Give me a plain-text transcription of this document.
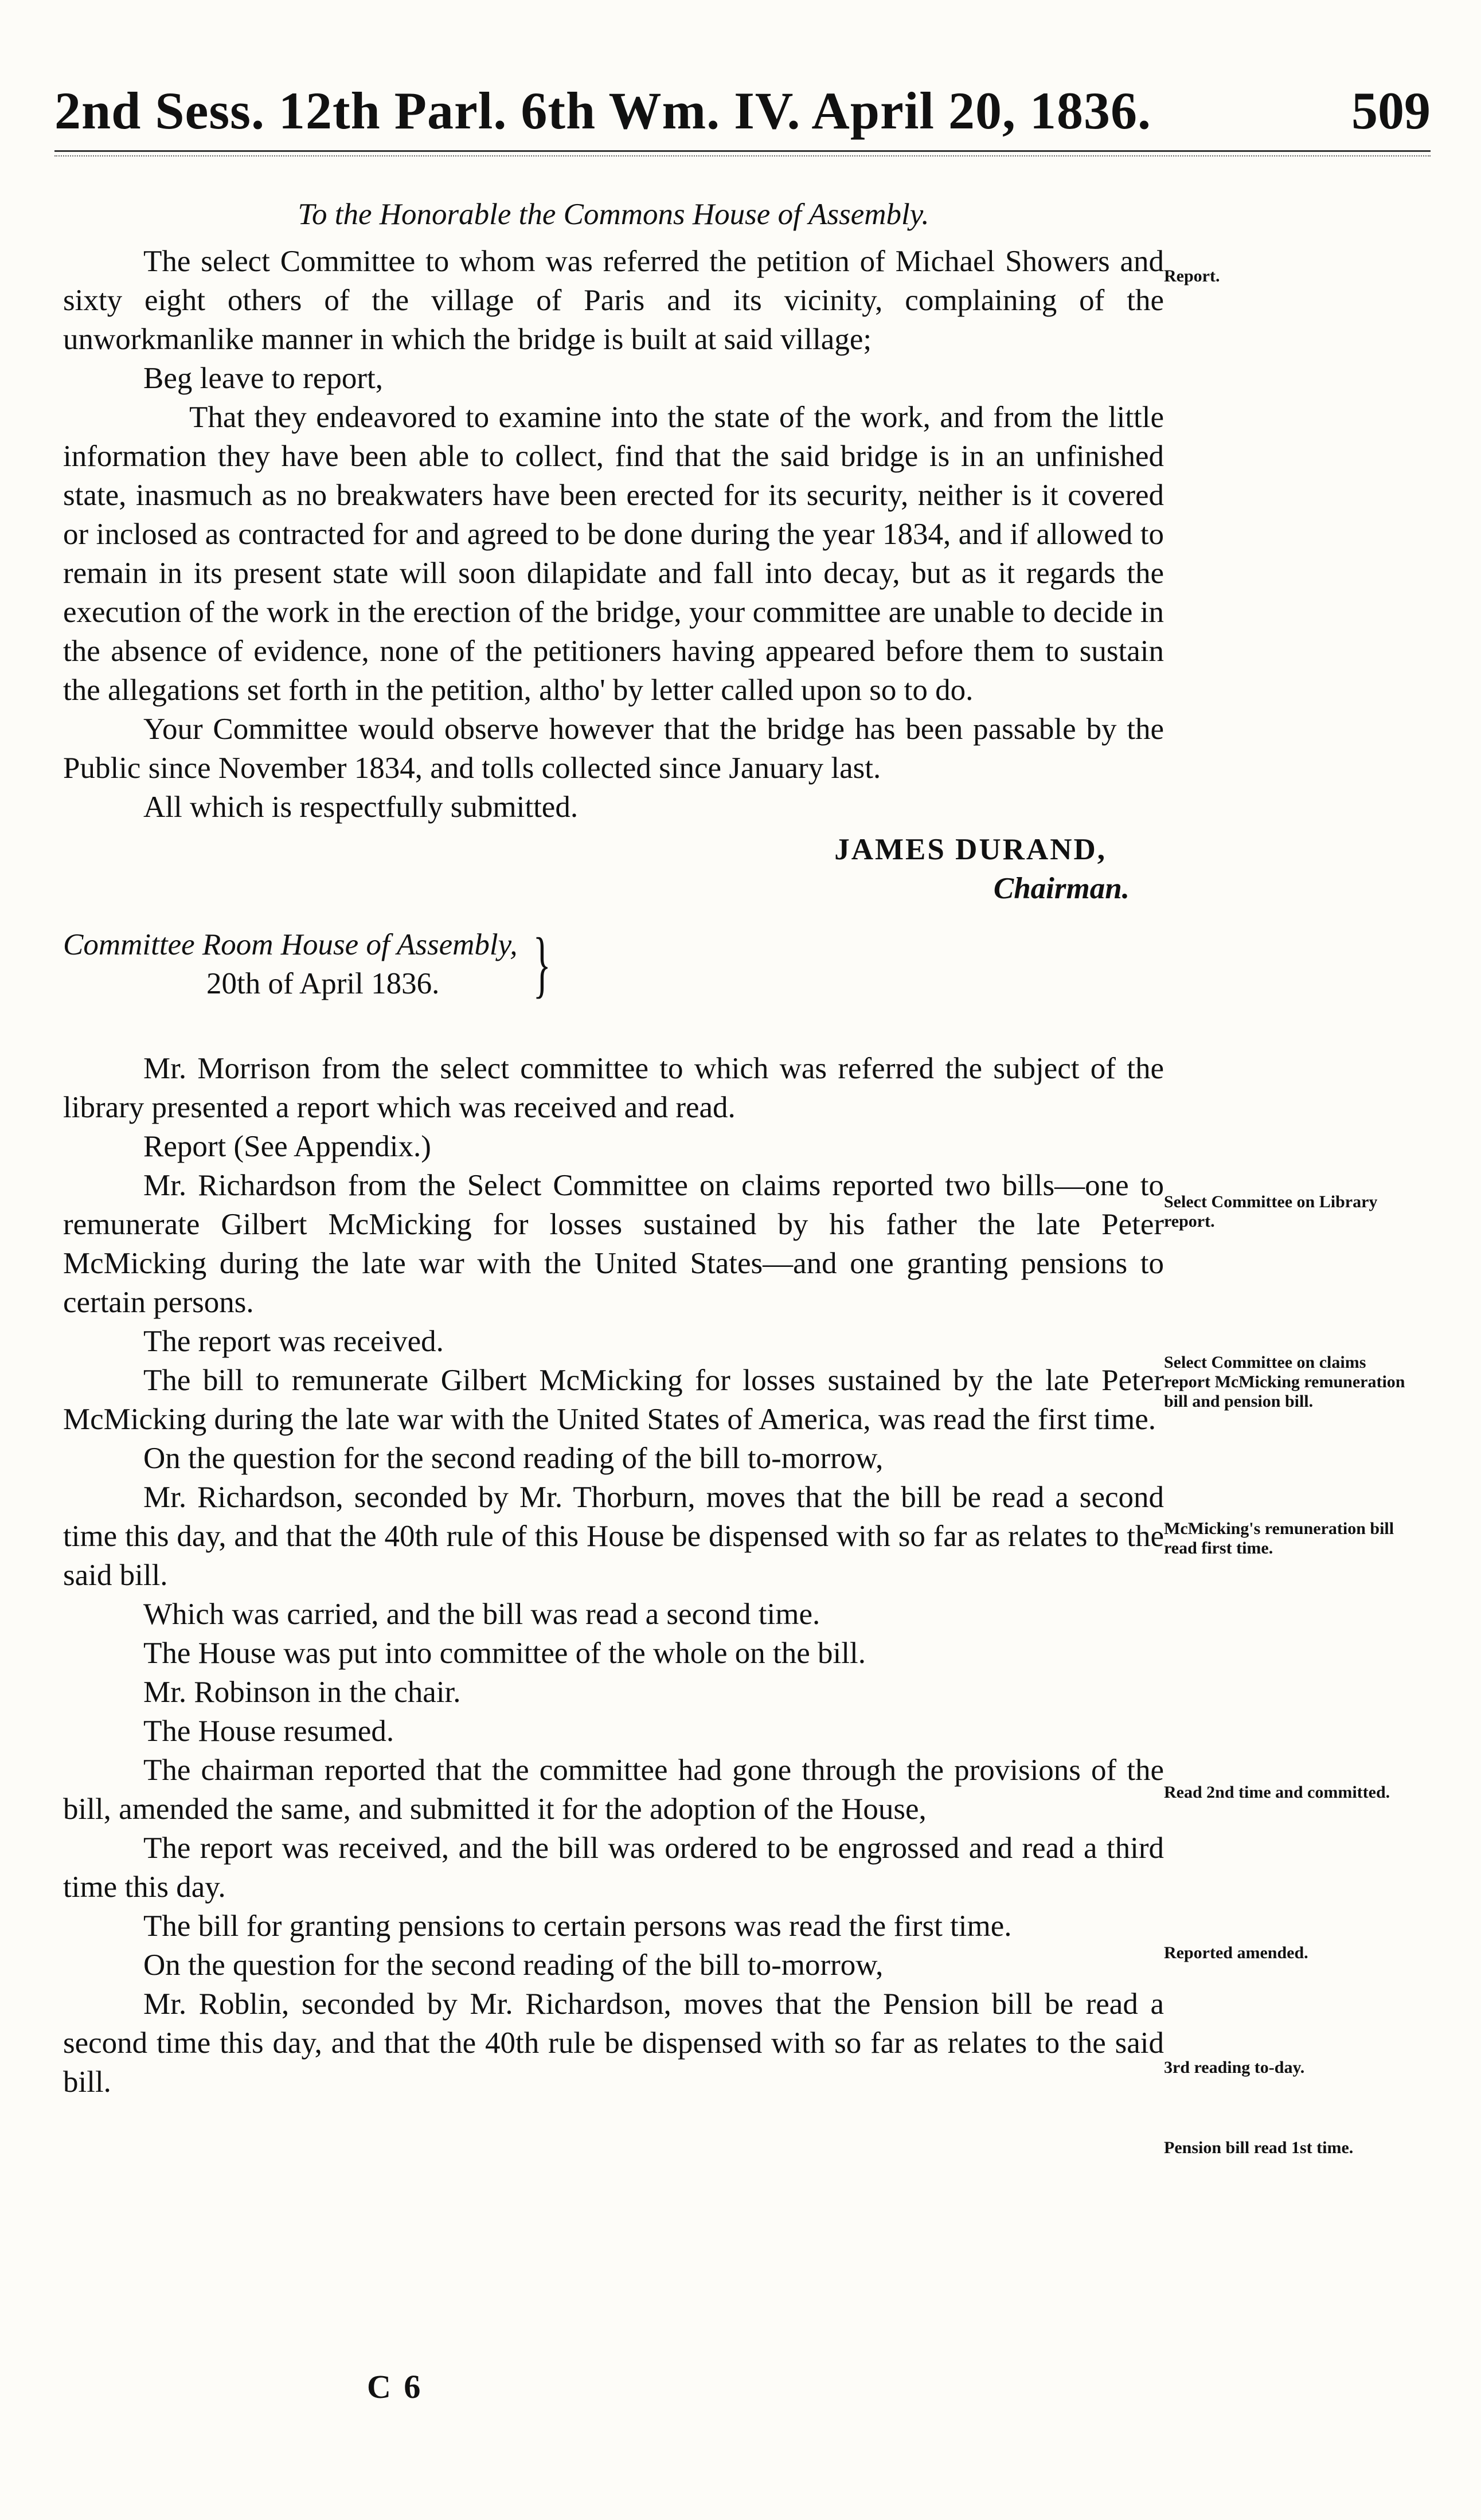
2nd Sess. 12th Parl. 6th Wm. IV. April 20, 1836.	509

To the Honorable the Commons House of Assembly.

The select Committee to whom was referred the petition of Michael Showers and sixty eight others of the village of Paris and its vicinity, complaining of the unworkmanlike manner in which the bridge is built at said village;

Beg leave to report,

That they endeavored to examine into the state of the work, and from the little information they have been able to collect, find that the said bridge is in an unfinished state, inasmuch as no breakwaters have been erected for its security, neither is it covered or inclosed as contracted for and agreed to be done during the year 1834, and if allowed to remain in its present state will soon dilapidate and fall into decay, but as it regards the execution of the work in the erection of the bridge, your committee are unable to decide in the absence of evidence, none of the petitioners having appeared before them to sustain the allegations set forth in the petition, altho' by letter called upon so to do.

Your Committee would observe however that the bridge has been passable by the Public since November 1834, and tolls collected since January last.

All which is respectfully submitted.

JAMES DURAND,
Chairman.
Committee Room House of Assembly,
20th of April 1836.	}

Mr. Morrison from the select committee to which was referred the subject of the library presented a report which was received and read.

Report (See Appendix.)

Mr. Richardson from the Select Committee on claims reported two bills—one to remunerate Gilbert McMicking for losses sustained by his father the late Peter McMicking during the late war with the United States—and one granting pensions to certain persons.

The report was received.

The bill to remunerate Gilbert McMicking for losses sustained by the late Peter McMicking during the late war with the United States of America, was read the first time.

On the question for the second reading of the bill to-morrow,

Mr. Richardson, seconded by Mr. Thorburn, moves that the bill be read a second time this day, and that the 40th rule of this House be dispensed with so far as relates to the said bill.

Which was carried, and the bill was read a second time.

The House was put into committee of the whole on the bill.

Mr. Robinson in the chair.

The House resumed.

The chairman reported that the committee had gone through the provisions of the bill, amended the same, and submitted it for the adoption of the House,

The report was received, and the bill was ordered to be engrossed and read a third time this day.

The bill for granting pensions to certain persons was read the first time.

On the question for the second reading of the bill to-morrow,

Mr. Roblin, seconded by Mr. Richardson, moves that the Pension bill be read a second time this day, and that the 40th rule be dispensed with so far as relates to the said bill.

Report.
Select Committee on Library report.
Select Committee on claims report McMicking remuneration bill and pension bill.
McMicking's remuneration bill read first time.
Read 2nd time and committed.
Reported amended.
3rd reading to-day.
Pension bill read 1st time.
C 6
